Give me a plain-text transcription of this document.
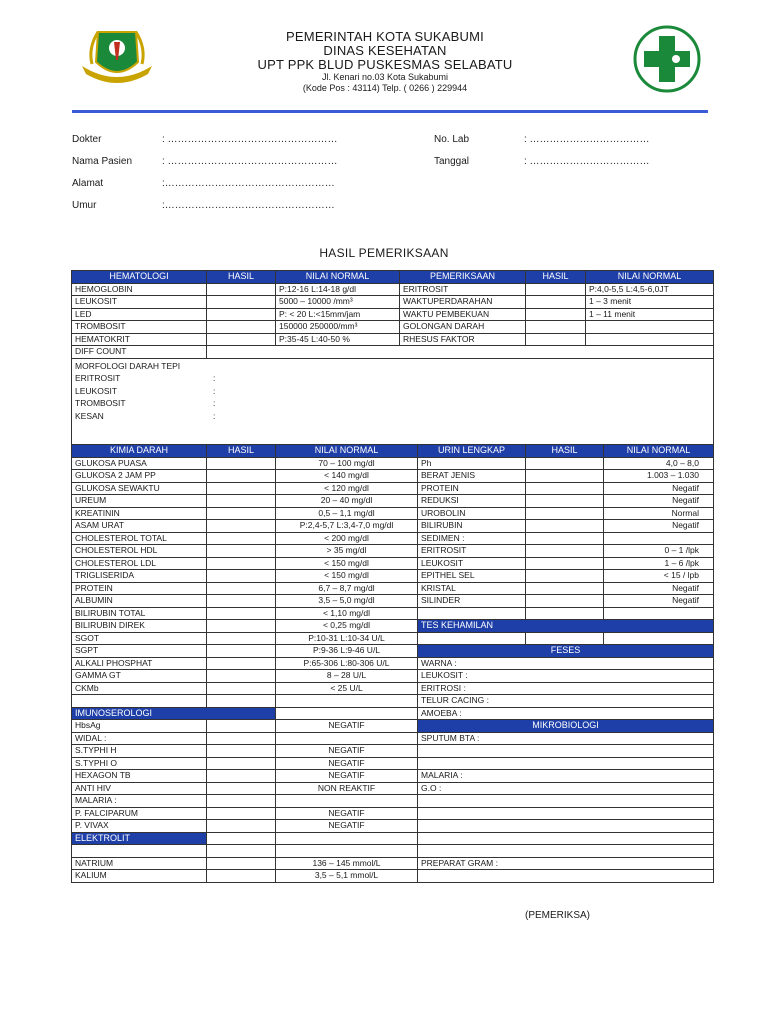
PEMERINTAH KOTA SUKABUMI
DINAS KESEHATAN
UPT PPK BLUD PUSKESMAS SELABATU
Jl. Kenari no.03 Kota Sukabumi
(Kode Pos : 43114) Telp. ( 0266 ) 229944
Dokter	: ……………………………………………
Nama Pasien	: ……………………………………………
Alamat	:……………………………………………
Umur	:……………………………………………
No. Lab	: ………………………………
Tanggal	: ………………………………
HASIL PEMERIKSAAN
HEMATOLOGI	HASIL	NILAI NORMAL	PEMERIKSAAN	HASIL	NILAI NORMAL
HEMOGLOBIN		P:12-16 L:14-18 g/dl	ERITROSIT		P:4,0-5,5 L:4,5-6,0JT
LEUKOSIT		5000 – 10000 /mm³	WAKTUPERDARAHAN		1 – 3 menit
LED		P: < 20 L:<15mm/jam	WAKTU PEMBEKUAN		1 – 11 menit
TROMBOSIT		150000 250000/mm³	GOLONGAN DARAH		
HEMATOKRIT		P:35-45 L:40-50 %	RHESUS FAKTOR		
DIFF COUNT					

MORFOLOGI DARAH TEPI
ERITROSIT :
LEUKOSIT :
TROMBOSIT :
KESAN :					
KIMIA DARAH	HASIL	NILAI NORMAL	URIN LENGKAP	HASIL	NILAI NORMAL
GLUKOSA PUASA		70 – 100 mg/dl	Ph		4,0 – 8,0
GLUKOSA 2 JAM PP		< 140 mg/dl	BERAT JENIS		1.003 – 1.030
GLUKOSA SEWAKTU		< 120 mg/dl	PROTEIN		Negatif
UREUM		20 – 40 mg/dl	REDUKSI		Negatif
KREATININ		0,5 – 1,1 mg/dl	UROBOLIN		Normal
ASAM URAT		P:2,4-5,7 L:3,4-7,0 mg/dl	BILIRUBIN		Negatif
CHOLESTEROL TOTAL		< 200 mg/dl	SEDIMEN :		
CHOLESTEROL HDL		> 35 mg/dl	ERITROSIT		0 – 1 /lpk
CHOLESTEROL LDL		< 150 mg/dl	LEUKOSIT		1 – 6 /lpk
TRIGLISERIDA		< 150 mg/dl	EPITHEL SEL		< 15 / lpb
PROTEIN		6,7 – 8,7 mg/dl	KRISTAL		Negatif
ALBUMIN		3,5 – 5,0 mg/dl	SILINDER		Negatif
BILIRUBIN TOTAL		< 1,10 mg/dl			
BILIRUBIN DIREK		< 0,25 mg/dl	TES KEHAMILAN		
SGOT		P:10-31 L:10-34 U/L			
SGPT		P:9-36 L:9-46 U/L	FESES		
ALKALI PHOSPHAT		P:65-306 L:80-306 U/L	WARNA :		
GAMMA GT		8 – 28 U/L	LEUKOSIT :		
CKMb		< 25 U/L	ERITROSI :		
			TELUR CACING :		
IMUNOSEROLOGI			AMOEBA :		
HbsAg		NEGATIF	MIKROBIOLOGI		
WIDAL :			SPUTUM BTA :		
S.TYPHI H		NEGATIF			
S.TYPHI O		NEGATIF			
HEXAGON TB		NEGATIF	MALARIA :		
ANTI HIV		NON REAKTIF	G.O :		
MALARIA :					
P. FALCIPARUM		NEGATIF			
P. VIVAX		NEGATIF			
ELEKTROLIT					

NATRIUM		136 – 145 mmol/L	PREPARAT GRAM :		
KALIUM		3,5 – 5,1 mmol/L			
(PEMERIKSA)
